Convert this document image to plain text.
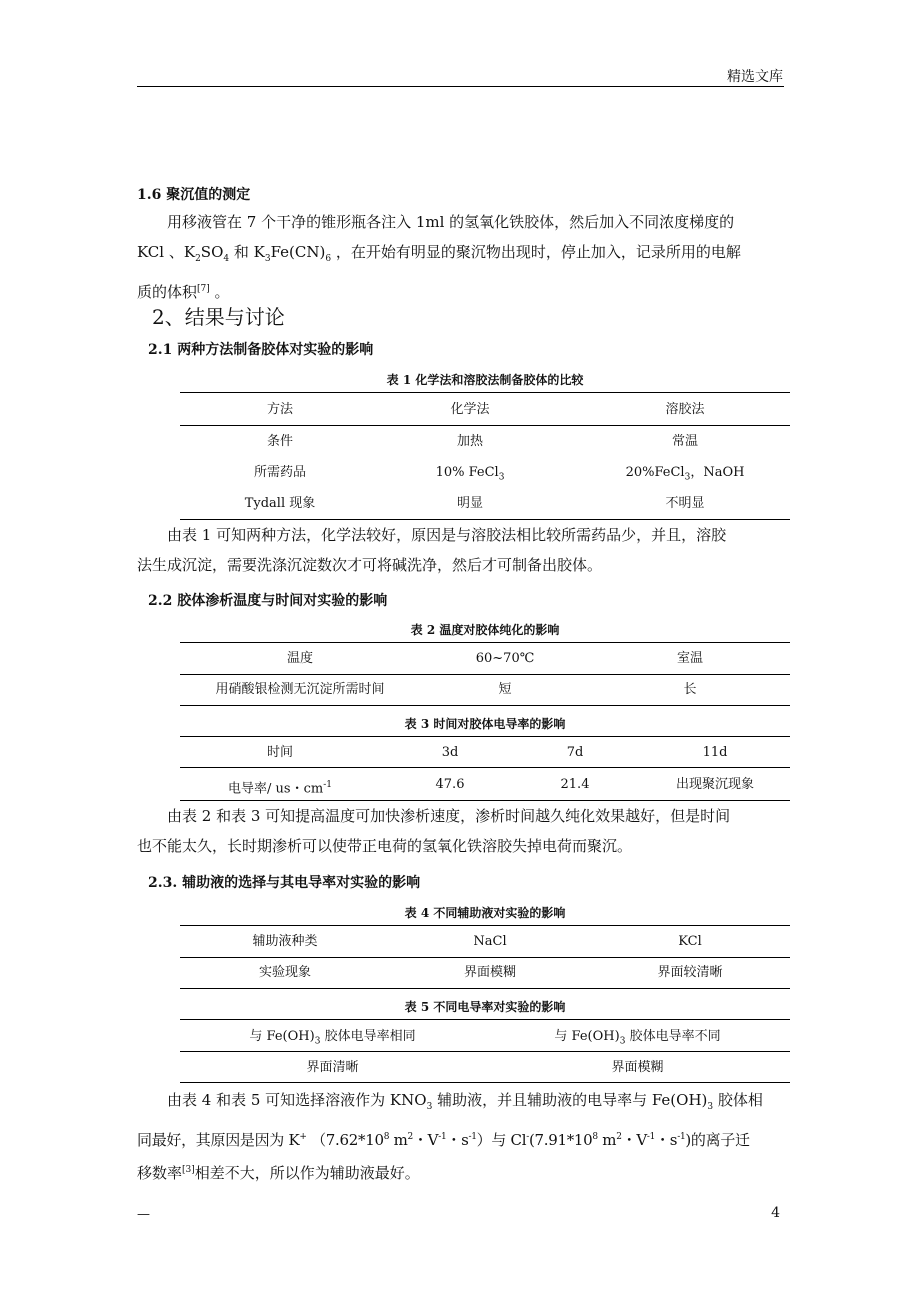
精选文库
1.6 聚沉值的测定
用移液管在 7 个干净的锥形瓶各注入 1ml 的氢氧化铁胶体，然后加入不同浓度梯度的
KCl 、$K_2SO_4$ 和 $K_3Fe(CN)_6$ ，在开始有明显的聚沉物出现时，停止加入，记录所用的电解
质的体积[7] 。
2、结果与讨论
2.1 两种方法制备胶体对实验的影响
表 1 化学法和溶胶法制备胶体的比较
方法	化学法	溶胶法
条件	加热	常温
所需药品	10% FeCl$_3$	20%FeCl$_3$，NaOH
Tydall 现象	明显	不明显
由表 1 可知两种方法，化学法较好，原因是与溶胶法相比较所需药品少，并且，溶胶
法生成沉淀，需要洗涤沉淀数次才可将碱洗净，然后才可制备出胶体。
2.2 胶体渗析温度与时间对实验的影响
表 2 温度对胶体纯化的影响
温度	60~70℃	室温
用硝酸银检测无沉淀所需时间	短	长
表 3 时间对胶体电导率的影响
时间	3d	7d	11d
电导率/ us・$cm^{-1}$	47.6	21.4	出现聚沉现象
由表 2 和表 3 可知提高温度可加快渗析速度，渗析时间越久纯化效果越好，但是时间
也不能太久，长时期渗析可以使带正电荷的氢氧化铁溶胶失掉电荷而聚沉。
2.3. 辅助液的选择与其电导率对实验的影响
表 4 不同辅助液对实验的影响
辅助液种类	NaCl	KCl
实验现象	界面模糊	界面较清晰
表 5 不同电导率对实验的影响
与 $Fe(OH)_3$ 胶体电导率相同	与 $Fe(OH)_3$ 胶体电导率不同
界面清晰	界面模糊
由表 4 和表 5 可知选择溶液作为 $KNO_3$ 辅助液，并且辅助液的电导率与 $Fe(OH)_3$ 胶体相
同最好，其原因是因为 K+ （$7.62*10^8$ $m^2$・$V^{-1}$・$s^{-1}$）与 $Cl^-(7.91*10^8$ $m^2$・$V^{-1}$・$s^{-1}$)的离子迁
移数率[3]相差不大，所以作为辅助液最好。
—	4
